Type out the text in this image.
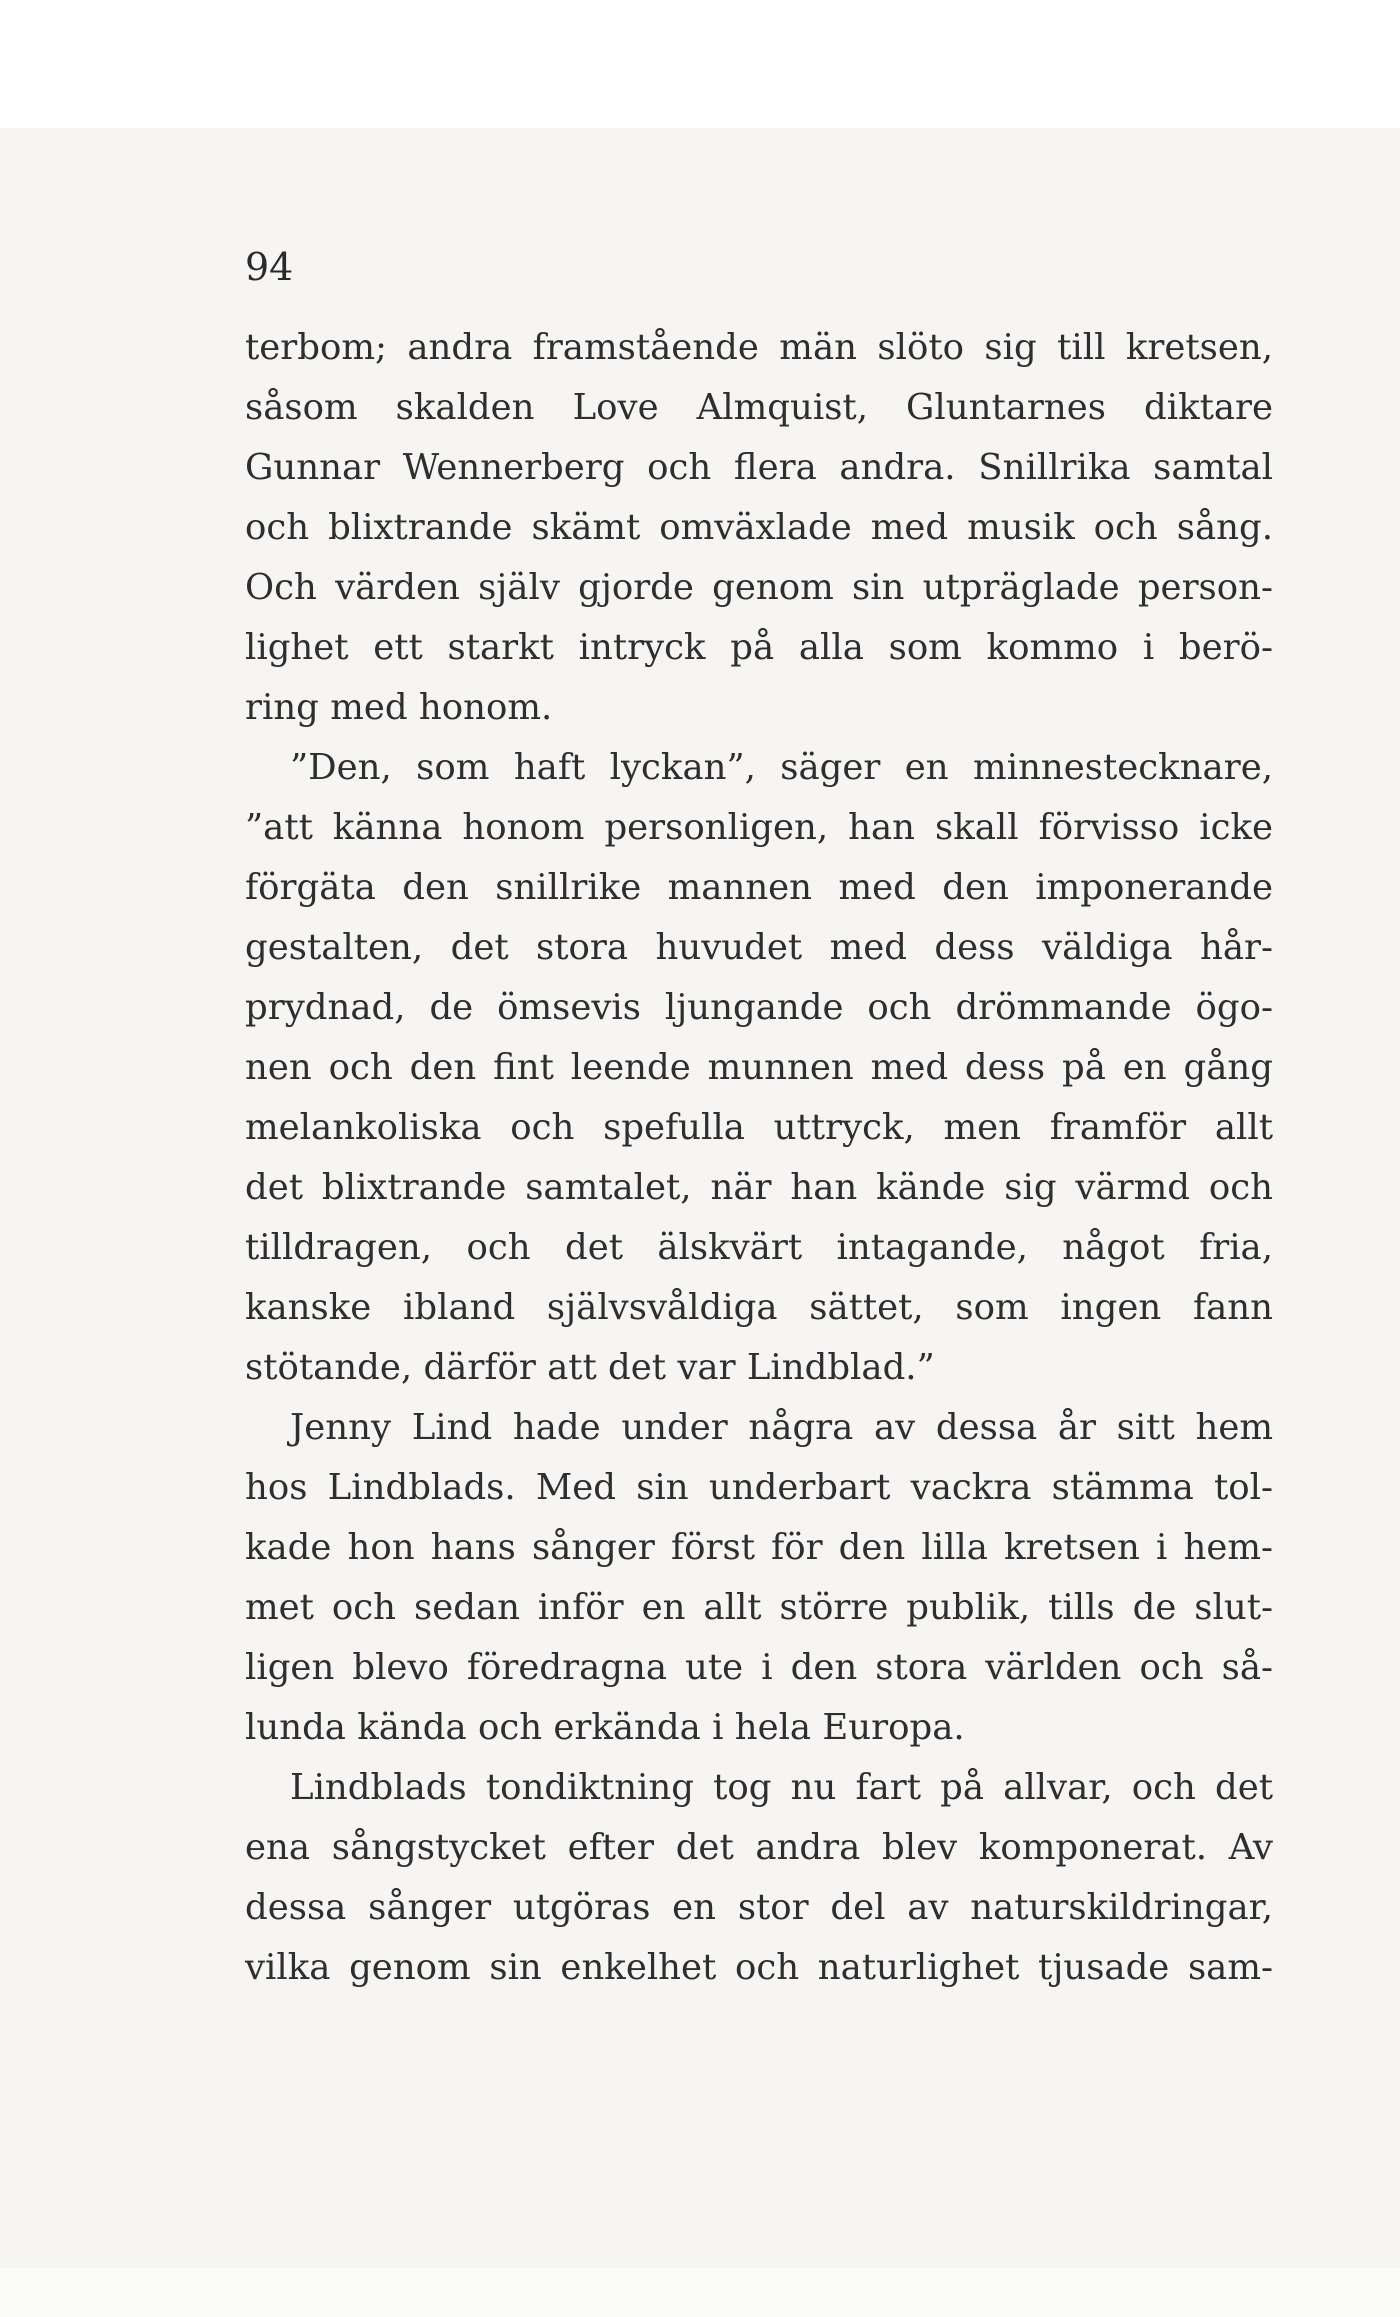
94
terbom; andra framstående män slöto sig till kretsen,
såsom skalden Love Almquist, Gluntarnes diktare
Gunnar Wennerberg och flera andra. Snillrika samtal
och blixtrande skämt omväxlade med musik och sång.
Och värden själv gjorde genom sin utpräglade person-
lighet ett starkt intryck på alla som kommo i berö-
ring med honom.
”Den, som haft lyckan”, säger en minnestecknare,
”att känna honom personligen, han skall förvisso icke
förgäta den snillrike mannen med den imponerande
gestalten, det stora huvudet med dess väldiga hår-
prydnad, de ömsevis ljungande och drömmande ögo-
nen och den fint leende munnen med dess på en gång
melankoliska och spefulla uttryck, men framför allt
det blixtrande samtalet, när han kände sig värmd och
tilldragen, och det älskvärt intagande, något fria,
kanske ibland självsvåldiga sättet, som ingen fann
stötande, därför att det var Lindblad.”
Jenny Lind hade under några av dessa år sitt hem
hos Lindblads. Med sin underbart vackra stämma tol-
kade hon hans sånger först för den lilla kretsen i hem-
met och sedan inför en allt större publik, tills de slut-
ligen blevo föredragna ute i den stora världen och så-
lunda kända och erkända i hela Europa.
Lindblads tondiktning tog nu fart på allvar, och det
ena sångstycket efter det andra blev komponerat. Av
dessa sånger utgöras en stor del av naturskildringar,
vilka genom sin enkelhet och naturlighet tjusade sam-
